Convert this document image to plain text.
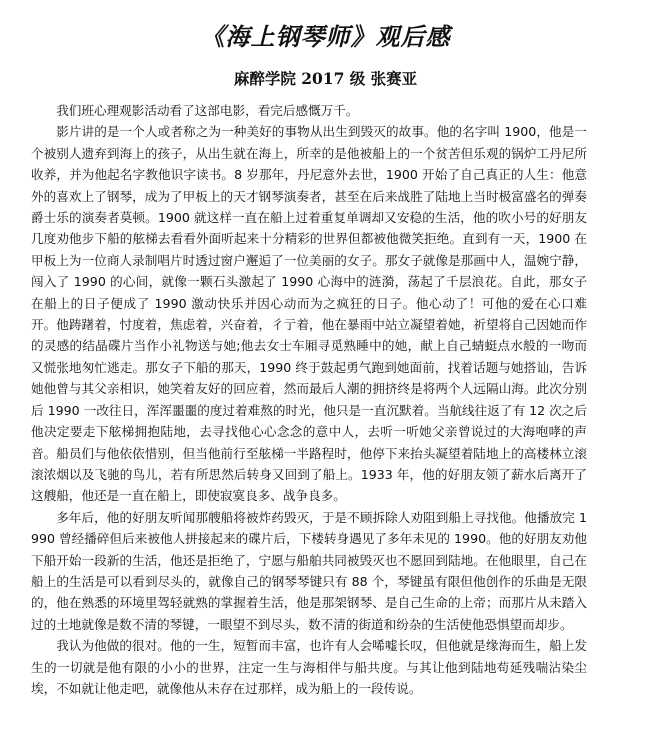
《海上钢琴师》观后感
麻醉学院 2017 级 张赛亚

我们班心理观影活动看了这部电影，看完后感慨万千。

影片讲的是一个人或者称之为一种美好的事物从出生到毁灭的故事。他的名字叫 1900，他是一个被别人遗弃到海上的孩子，从出生就在海上，所幸的是他被船上的一个贫苦但乐观的锅炉工丹尼所收养，并为他起名字教他识字读书。8 岁那年，丹尼意外去世，1900 开始了自己真正的人生：他意外的喜欢上了钢琴，成为了甲板上的天才钢琴演奏者，甚至在后来战胜了陆地上当时极富盛名的弹奏爵士乐的演奏者莫顿。1900 就这样一直在船上过着重复单调却又安稳的生活，他的吹小号的好朋友几度劝他步下船的舷梯去看看外面听起来十分精彩的世界但都被他微笑拒绝。直到有一天，1900 在甲板上为一位商人录制唱片时透过窗户邂逅了一位美丽的女子。那女子就像是那画中人，温婉宁静，闯入了 1990 的心间，就像一颗石头激起了 1990 心海中的涟漪，荡起了千层浪花。自此，那女子在船上的日子便成了 1990 激动快乐并因心动而为之疯狂的日子。他心动了！可他的爱在心口难开。他踌躇着，忖度着，焦虑着，兴奋着，彳亍着，他在暴雨中站立凝望着她，祈望将自己因她而作的灵感的结晶碟片当作小礼物送与她;他去女士车厢寻觅熟睡中的她，献上自己蜻蜓点水般的一吻而又慌张地匆忙逃走。那女子下船的那天，1990 终于鼓起勇气跑到她面前，找着话题与她搭讪，告诉她他曾与其父亲相识，她笑着友好的回应着，然而最后人潮的拥挤终是将两个人远隔山海。此次分别后 1990 一改往日，浑浑噩噩的度过着难熬的时光，他只是一直沉默着。当航线往返了有 12 次之后他决定要走下舷梯拥抱陆地，去寻找他心心念念的意中人，去听一听她父亲曾说过的大海咆哮的声音。船员们与他依依惜别，但当他前行至舷梯一半路程时，他停下来抬头凝望着陆地上的高楼林立滚滚浓烟以及飞驰的鸟儿，若有所思然后转身又回到了船上。1933 年，他的好朋友领了薪水后离开了这艘船，他还是一直在船上，即使寂寞良多、战争良多。

多年后，他的好朋友听闻那艘船将被炸药毁灭，于是不顾拆除人劝阻到船上寻找他。他播放完 1990 曾经播碎但后来被他人拼接起来的碟片后，下楼转身遇见了多年未见的 1990。他的好朋友劝他下船开始一段新的生活，他还是拒绝了，宁愿与船舶共同被毁灭也不愿回到陆地。在他眼里，自己在船上的生活是可以看到尽头的，就像自己的钢琴琴键只有 88 个，琴键虽有限但他创作的乐曲是无限的，他在熟悉的环境里驾轻就熟的掌握着生活，他是那架钢琴、是自己生命的上帝；而那片从未踏入过的土地就像是数不清的琴键，一眼望不到尽头，数不清的街道和纷杂的生活使他恐惧望而却步。

我认为他做的很对。他的一生，短暂而丰富，也许有人会唏嘘长叹，但他就是缘海而生，船上发生的一切就是他有限的小小的世界，注定一生与海相伴与船共度。与其让他到陆地苟延残喘沾染尘埃，不如就让他走吧，就像他从未存在过那样，成为船上的一段传说。
